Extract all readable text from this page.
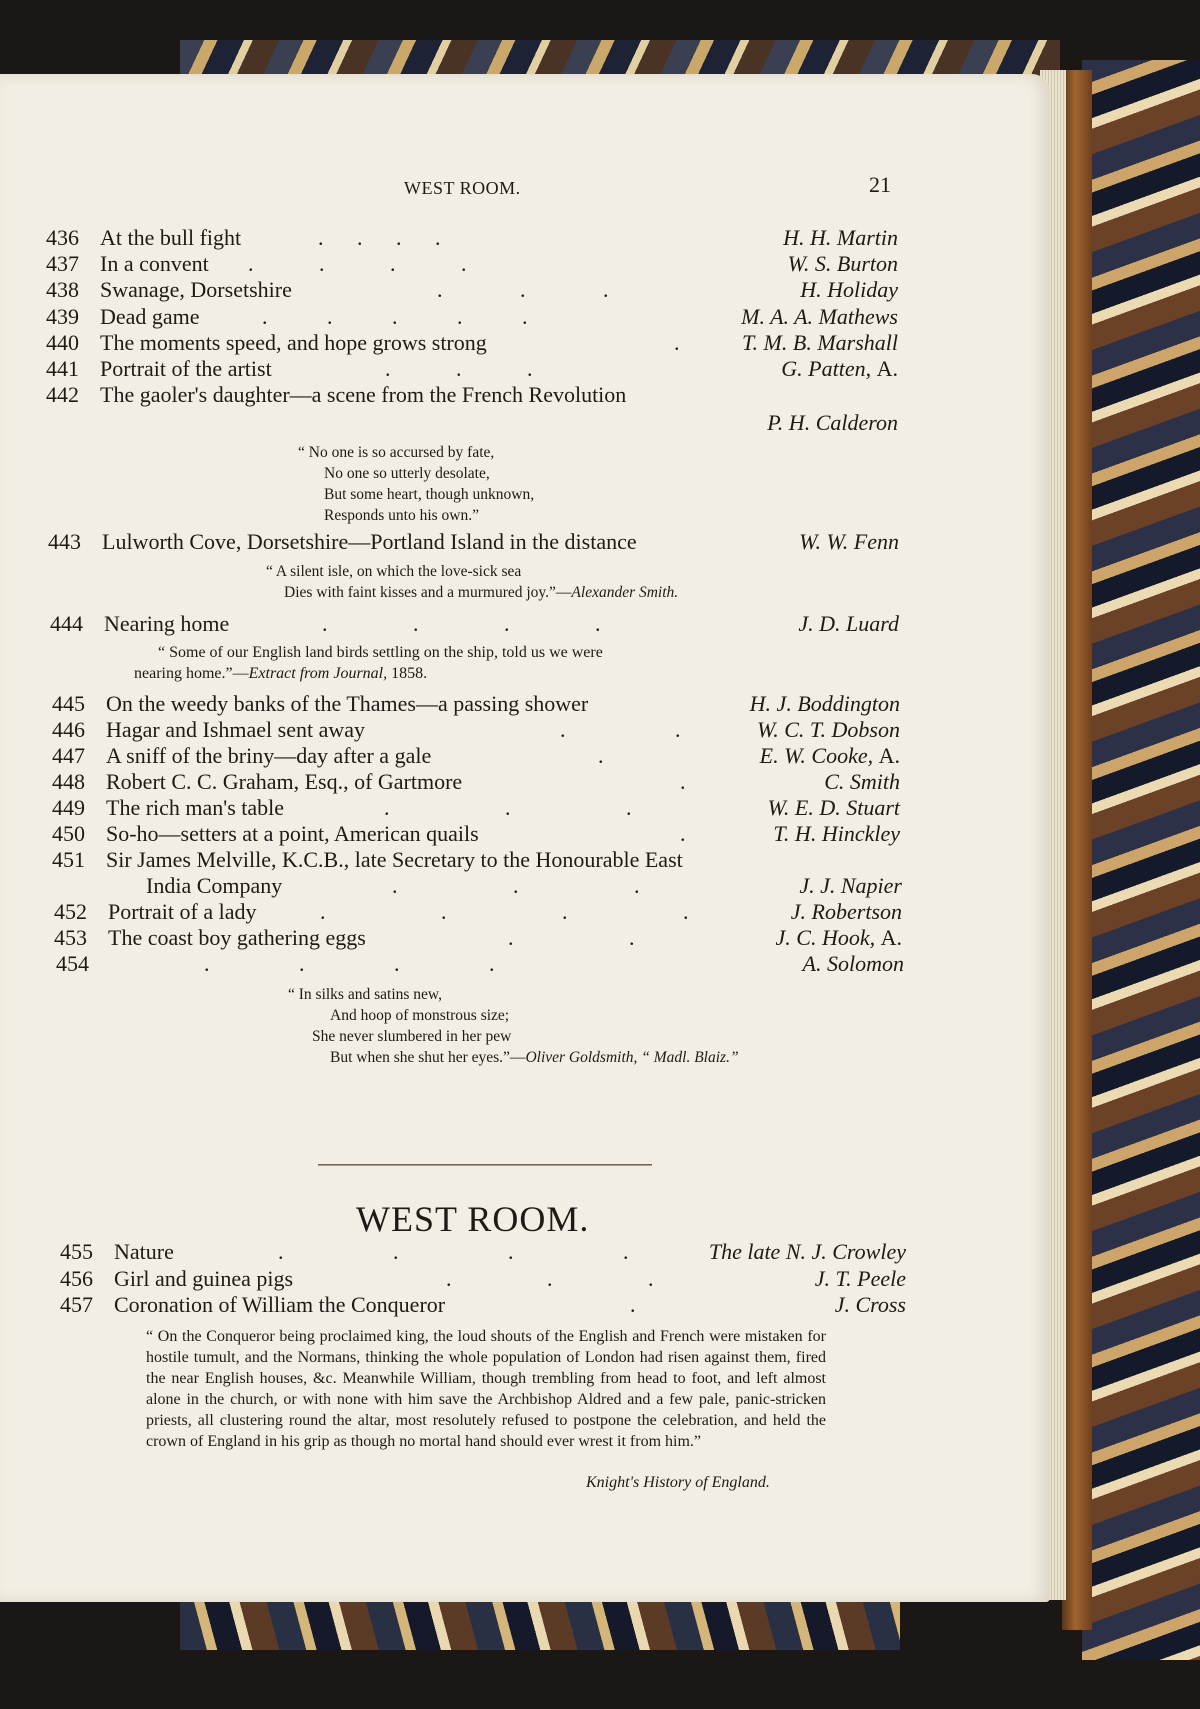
WEST ROOM.	21
436 At the bull fight	. . . .	H. H. Martin
437 In a convent . . . .	W. S. Burton
438 Swanage, Dorsetshire	. . .	H. Holiday
439 Dead game	. . . . .	M. A. A. Mathews
440 The moments speed, and hope grows strong	.	T. M. B. Marshall
441 Portrait of the artist	. . .	G. Patten, A.
442 The gaoler's daughter—a scene from the French Revolution
P. H. Calderon
“ No one is so accursed by fate,
No one so utterly desolate,
But some heart, though unknown,
Responds unto his own.”
443 Lulworth Cove, Dorsetshire—Portland Island in the distance	W. W. Fenn
“ A silent isle, on which the love-sick sea
Dies with faint kisses and a murmured joy.”—Alexander Smith.
444 Nearing home	. . . .	J. D. Luard
“ Some of our English land birds settling on the ship, told us we were
nearing home.”—Extract from Journal, 1858.
445 On the weedy banks of the Thames—a passing shower	H. J. Boddington
446 Hagar and Ishmael sent away	. .	W. C. T. Dobson
447 A sniff of the briny—day after a gale	.	E. W. Cooke, A.
448 Robert C. C. Graham, Esq., of Gartmore	.	C. Smith
449 The rich man's table	. . .	W. E. D. Stuart
450 So-ho—setters at a point, American quails	.	T. H. Hinckley
451 Sir James Melville, K.C.B., late Secretary to the Honourable East
India Company	. . .	J. J. Napier
452 Portrait of a lady	. . . .	J. Robertson
453 The coast boy gathering eggs	. .	J. C. Hook, A.
454	. . . .	A. Solomon
“ In silks and satins new,
And hoop of monstrous size;
She never slumbered in her pew
But when she shut her eyes.”—Oliver Goldsmith, “ Madl. Blaiz.”
WEST ROOM.
455 Nature	. . . .	The late N. J. Crowley
456 Girl and guinea pigs	. . .	J. T. Peele
457 Coronation of William the Conqueror	.	J. Cross
“ On the Conqueror being proclaimed king, the loud shouts of the English and French were mistaken for hostile tumult, and the Normans, thinking the whole population of London had risen against them, fired the near English houses, &c. Meanwhile William, though trembling from head to foot, and left almost alone in the church, or with none with him save the Archbishop Aldred and a few pale, panic-stricken priests, all clustering round the altar, most resolutely refused to postpone the celebration, and held the crown of England in his grip as though no mortal hand should ever wrest it from him.”
Knight's History of England.
